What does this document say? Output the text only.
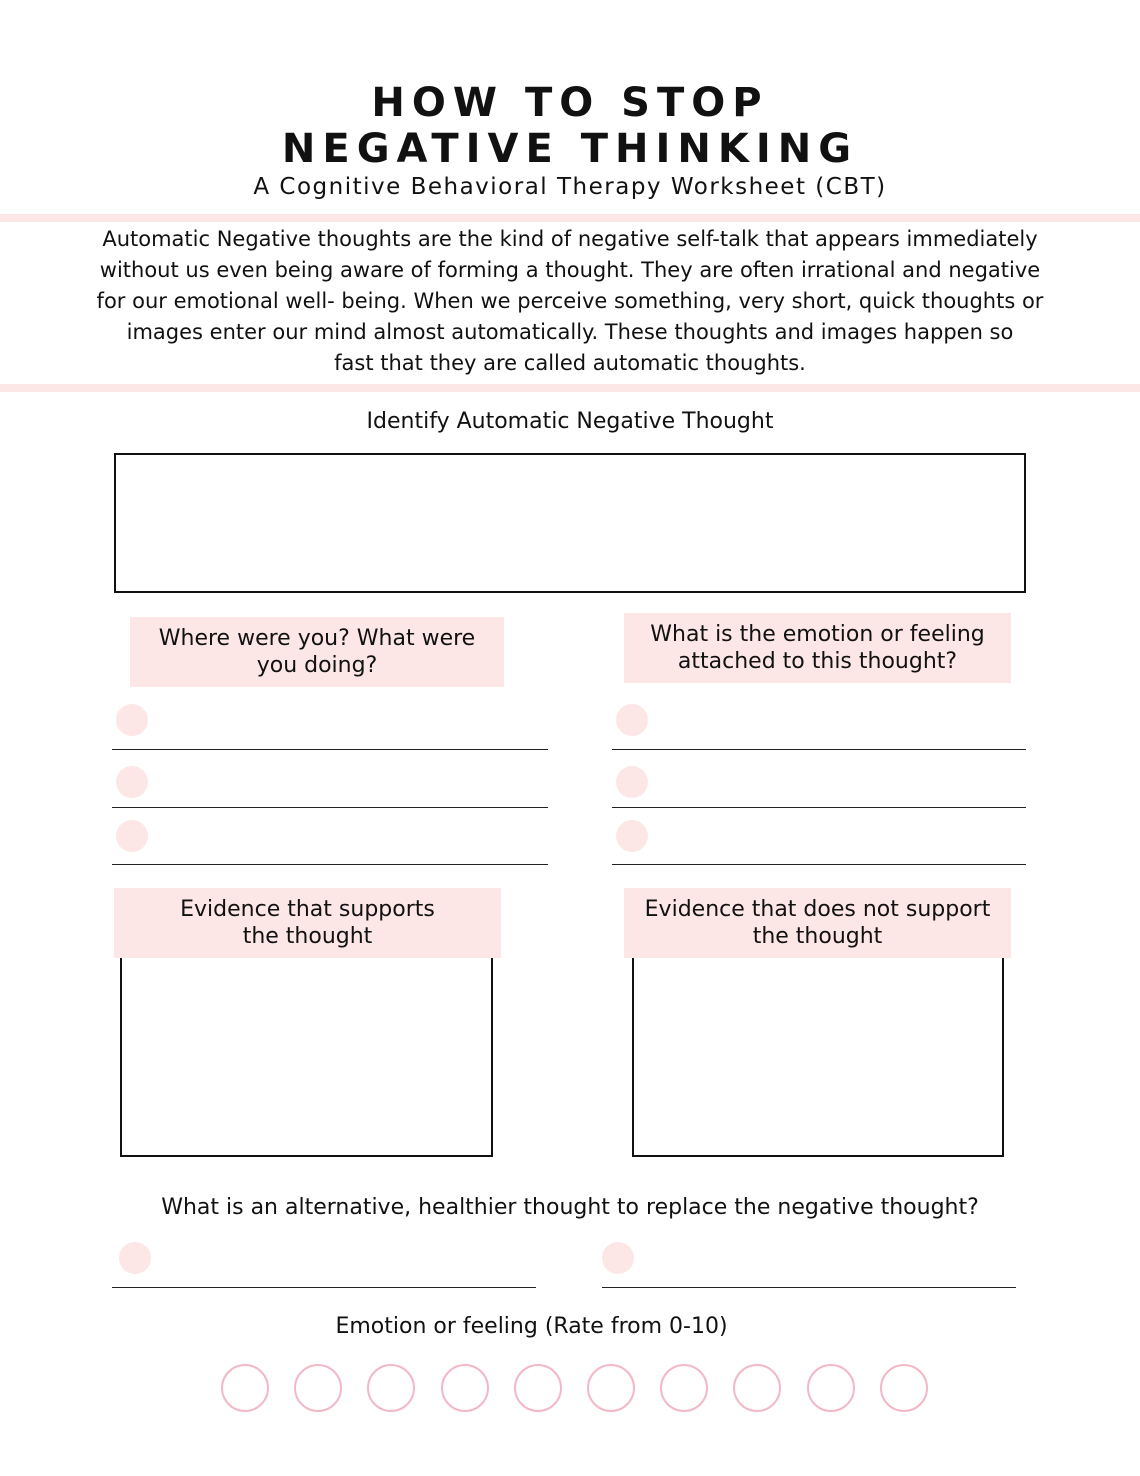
HOW TO STOP
NEGATIVE THINKING
A Cognitive Behavioral Therapy Worksheet (CBT)
Automatic Negative thoughts are the kind of negative self-talk that appears immediately
without us even being aware of forming a thought. They are often irrational and negative
for our emotional well- being. When we perceive something, very short, quick thoughts or
images enter our mind almost automatically. These thoughts and images happen so
fast that they are called automatic thoughts.
Identify Automatic Negative Thought
Where were you? What were
you doing?
What is the emotion or feeling
attached to this thought?
Evidence that supports
the thought
Evidence that does not support
the thought
What is an alternative, healthier thought to replace the negative thought?
Emotion or feeling (Rate from 0-10)
